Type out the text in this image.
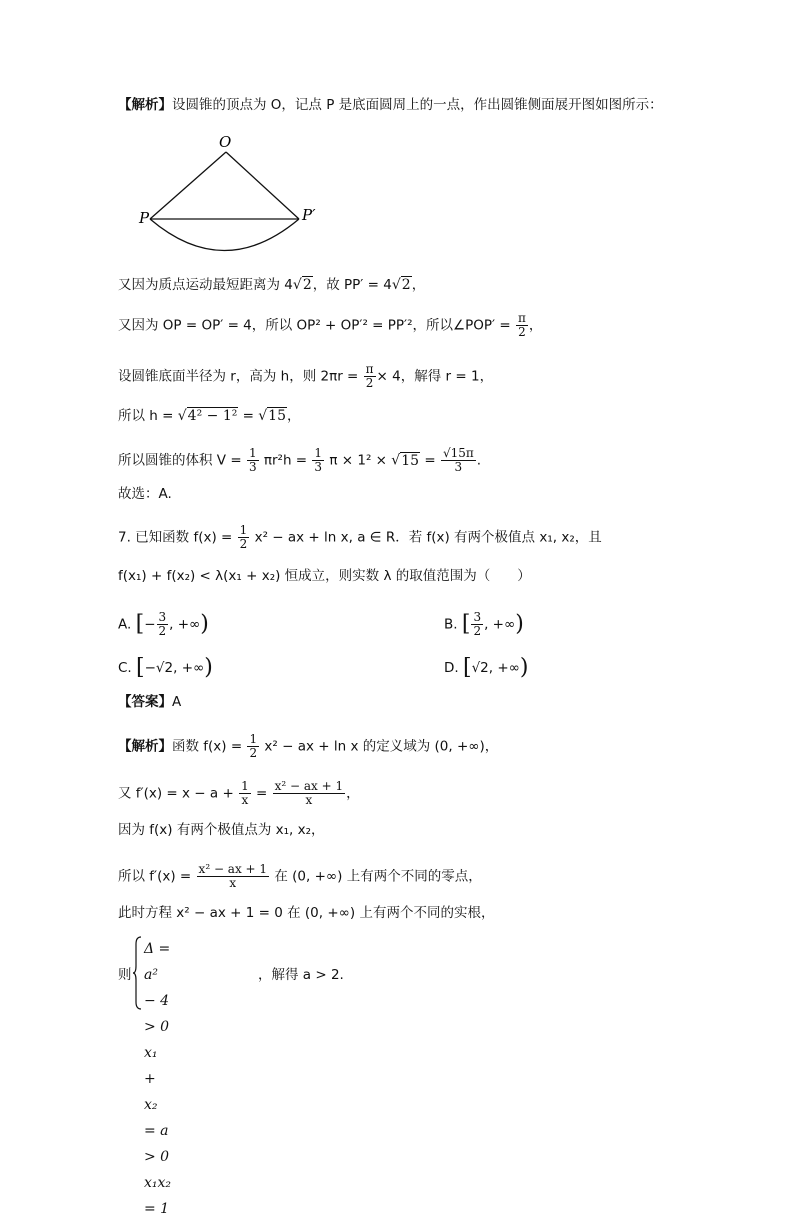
【解析】设圆锥的顶点为 O，记点 P 是底面圆周上的一点，作出圆锥侧面展开图如图所示：
O
P	P′
又因为质点运动最短距离为 4√2，故 PP′ = 4√2，
又因为 OP = OP′ = 4，所以 OP² + OP′² = PP′²，所以∠POP′ = $\frac{\pi}{2}$ ，
设圆锥底面半径为 r，高为 h，则 $2\pi r = \frac{\pi}{2} \times 4$，解得 r = 1，
所以 h = √4² − 1² = √15，
所以圆锥的体积 $V = \frac{1}{3} \pi r^2h = \frac{1}{3}$ $\pi \times 1^2 \times √15 = \frac{√15\pi}{3}$ .
故选：A.
7. 已知函数 $f(x) = \frac{1}{2} x^2$ − ax + ln x, a ∈ R．若 f(x) 有两个极值点 x₁, x₂，且
f(x₁) + f(x₂) < λ(x₁ + x₂) 恒成立，则实数 λ 的取值范围为（　　）
A. [− $\frac{3}{2}$ , +∞)	B. [ $\frac{3}{2}$ , +∞)
C. [−√2, +∞)	D. [√2, +∞)
【答案】A
【解析】函数 $f(x) = \frac{1}{2} x^2$ − ax + ln x 的定义域为 (0, +∞)，
又 $f'(x) = x - a + \frac{1}{x} = \frac{\text{x² − ax + 1}}{x}$ ，
因为 f(x) 有两个极值点为 x₁, x₂，
所以 $f'(x) = \frac{\text{x² − ax + 1}}{x}$ 在 (0, +∞) 上有两个不同的零点，
此时方程 x² − ax + 1 = 0 在 (0, +∞) 上有两个不同的实根，
则
Δ = a² − 4 > 0
x₁ + x₂ = a > 0
x₁x₂ = 1
，解得 a > 2.
